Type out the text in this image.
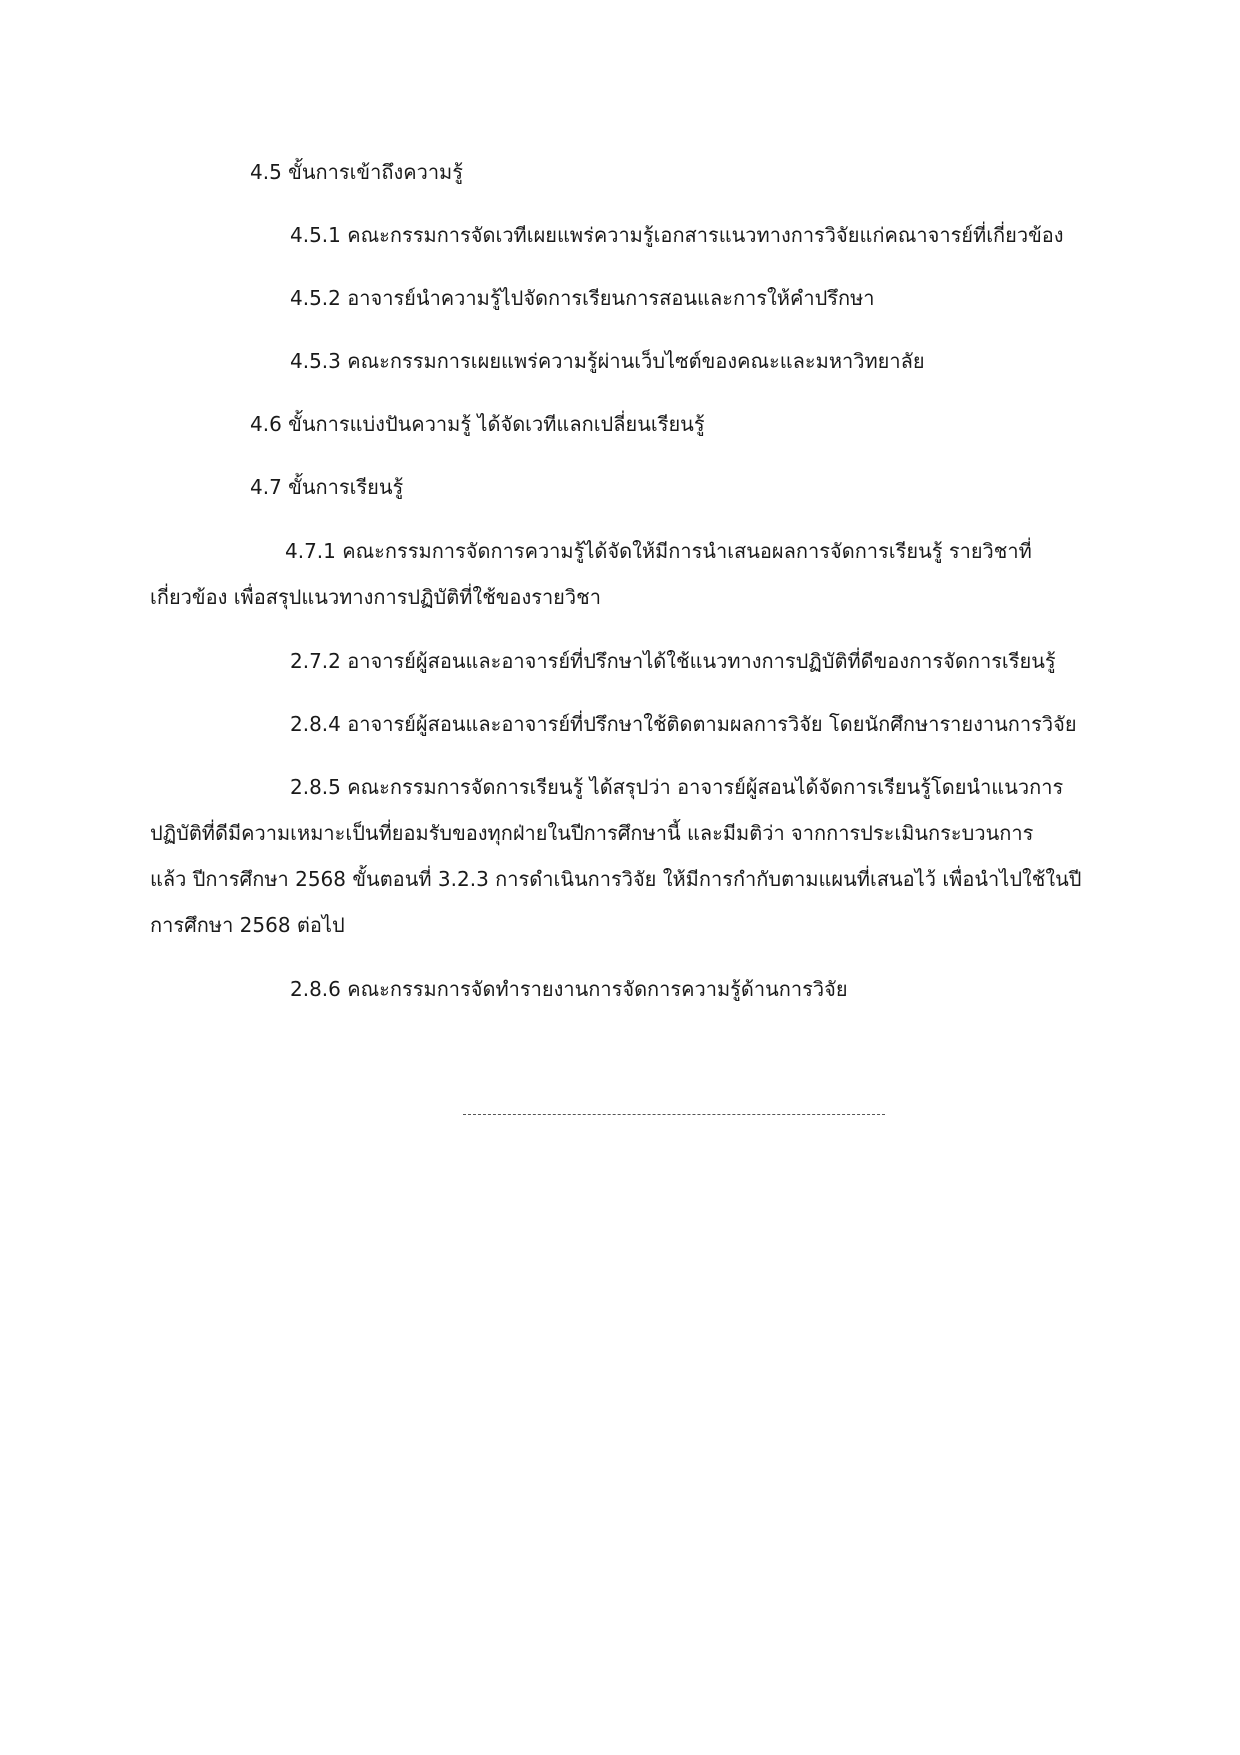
4.5 ขั้นการเข้าถึงความรู้
4.5.1 คณะกรรมการจัดเวทีเผยแพร่ความรู้เอกสารแนวทางการวิจัยแก่คณาจารย์ที่เกี่ยวข้อง
4.5.2 อาจารย์นำความรู้ไปจัดการเรียนการสอนและการให้คำปรึกษา
4.5.3 คณะกรรมการเผยแพร่ความรู้ผ่านเว็บไซต์ของคณะและมหาวิทยาลัย
4.6 ขั้นการแบ่งปันความรู้ ได้จัดเวทีแลกเปลี่ยนเรียนรู้
4.7 ขั้นการเรียนรู้
4.7.1 คณะกรรมการจัดการความรู้ได้จัดให้มีการนำเสนอผลการจัดการเรียนรู้ รายวิชาที่
เกี่ยวข้อง เพื่อสรุปแนวทางการปฏิบัติที่ใช้ของรายวิชา
2.7.2 อาจารย์ผู้สอนและอาจารย์ที่ปรึกษาได้ใช้แนวทางการปฏิบัติที่ดีของการจัดการเรียนรู้
2.8.4 อาจารย์ผู้สอนและอาจารย์ที่ปรึกษาใช้ติดตามผลการวิจัย โดยนักศึกษารายงานการวิจัย
2.8.5 คณะกรรมการจัดการเรียนรู้ ได้สรุปว่า อาจารย์ผู้สอนได้จัดการเรียนรู้โดยนำแนวการ
ปฏิบัติที่ดีมีความเหมาะเป็นที่ยอมรับของทุกฝ่ายในปีการศึกษานี้ และมีมติว่า จากการประเมินกระบวนการ
แล้ว ปีการศึกษา 2568 ขั้นตอนที่ 3.2.3 การดำเนินการวิจัย ให้มีการกำกับตามแผนที่เสนอไว้ เพื่อนำไปใช้ในปี
การศึกษา 2568 ต่อไป
2.8.6 คณะกรรมการจัดทำรายงานการจัดการความรู้ด้านการวิจัย
